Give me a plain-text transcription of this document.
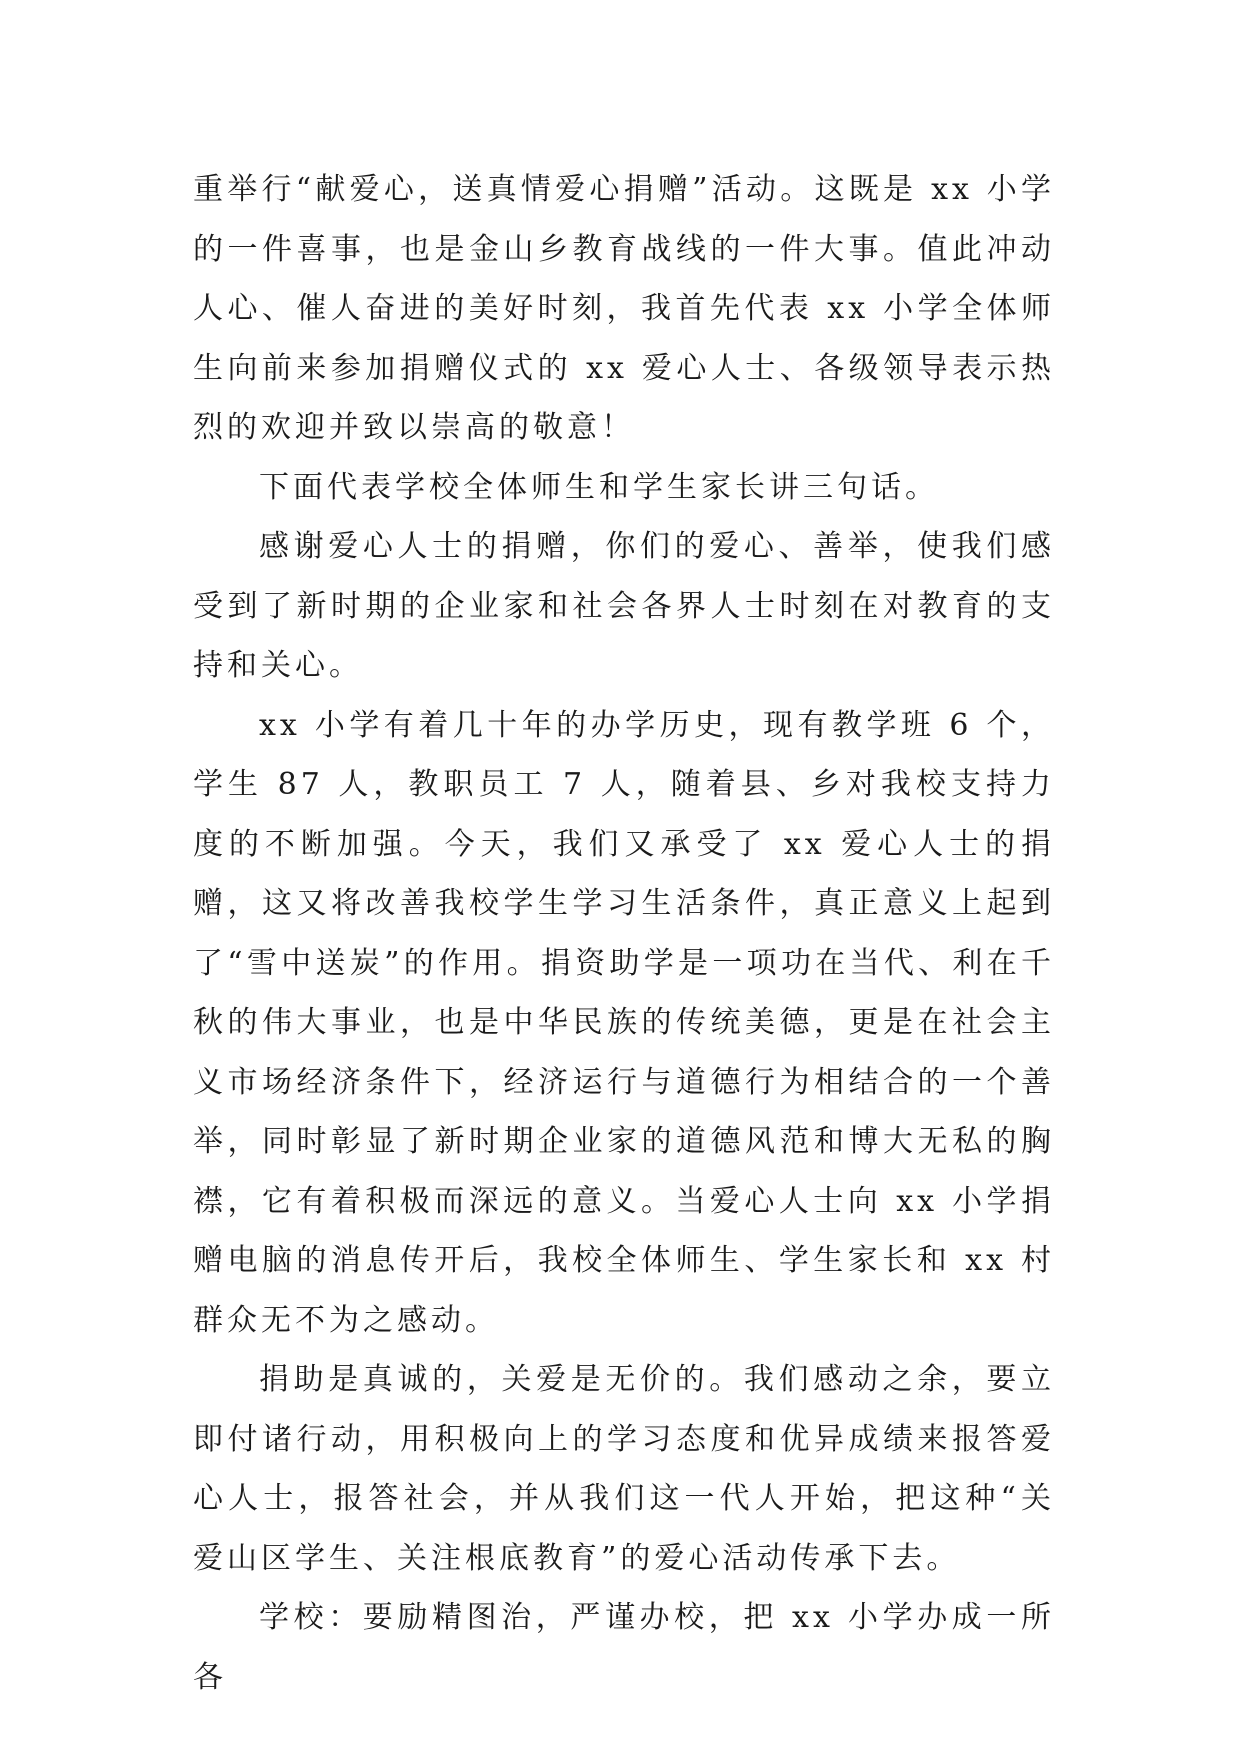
重举行“献爱心，送真情爱心捐赠”活动。这既是 xx 小学的一件喜事，也是金山乡教育战线的一件大事。值此冲动人心、催人奋进的美好时刻，我首先代表 xx 小学全体师生向前来参加捐赠仪式的 xx 爱心人士、各级领导表示热烈的欢迎并致以崇高的敬意！

下面代表学校全体师生和学生家长讲三句话。

感谢爱心人士的捐赠，你们的爱心、善举，使我们感受到了新时期的企业家和社会各界人士时刻在对教育的支持和关心。

xx 小学有着几十年的办学历史，现有教学班 6 个，学生 87 人，教职员工 7 人，随着县、乡对我校支持力度的不断加强。今天，我们又承受了 xx 爱心人士的捐赠，这又将改善我校学生学习生活条件，真正意义上起到了“雪中送炭”的作用。捐资助学是一项功在当代、利在千秋的伟大事业，也是中华民族的传统美德，更是在社会主义市场经济条件下，经济运行与道德行为相结合的一个善举，同时彰显了新时期企业家的道德风范和博大无私的胸襟，它有着积极而深远的意义。当爱心人士向 xx 小学捐赠电脑的消息传开后，我校全体师生、学生家长和 xx 村群众无不为之感动。

捐助是真诚的，关爱是无价的。我们感动之余，要立即付诸行动，用积极向上的学习态度和优异成绩来报答爱心人士，报答社会，并从我们这一代人开始，把这种“关爱山区学生、关注根底教育”的爱心活动传承下去。

学校：要励精图治，严谨办校，把 xx 小学办成一所各
